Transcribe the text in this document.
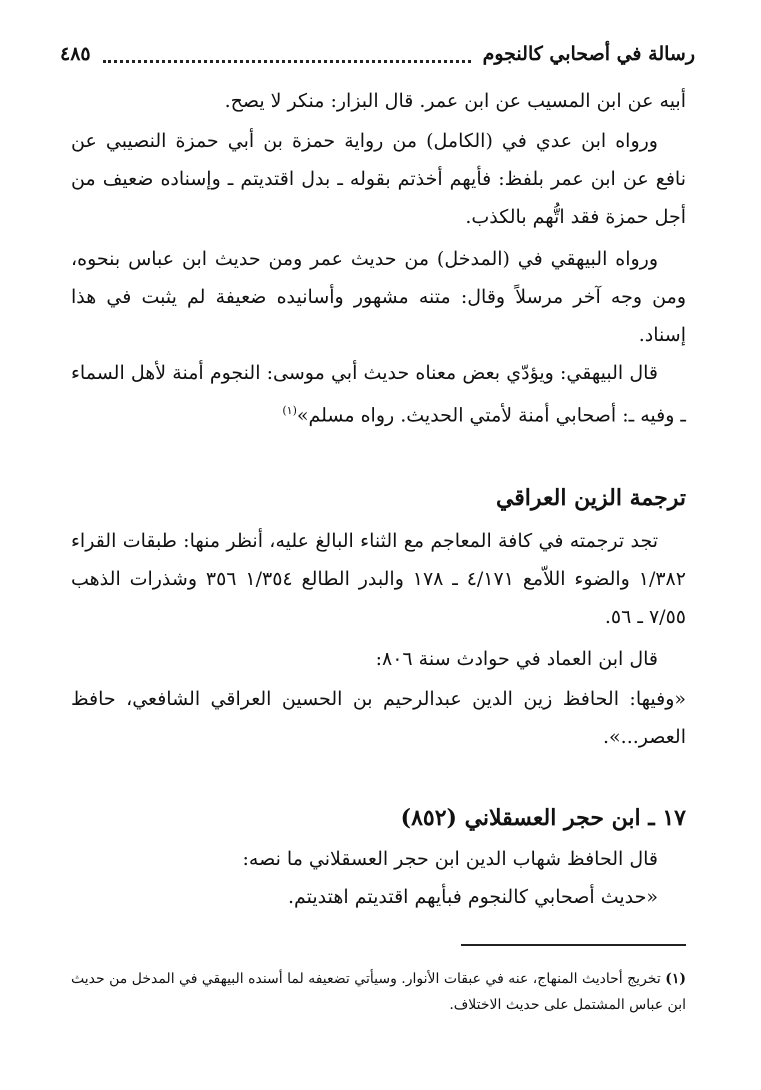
رسالة في أصحابي كالنجوم
٤٨٥

أبيه عن ابن المسيب عن ابن عمر. قال البزار: منكر لا يصح.

ورواه ابن عدي في (الكامل) من رواية حمزة بن أبي حمزة النصيبي عن نافع عن ابن عمر بلفظ: فأيهم أخذتم بقوله ـ بدل اقتديتم ـ وإسناده ضعيف من أجل حمزة فقد اتُّهم بالكذب.

ورواه البيهقي في (المدخل) من حديث عمر ومن حديث ابن عباس بنحوه، ومن وجه آخر مرسلاً وقال: متنه مشهور وأسانيده ضعيفة لم يثبت في هذا إسناد.

قال البيهقي: ويؤدّي بعض معناه حديث أبي موسى: النجوم أمنة لأهل السماء ـ وفيه ـ: أصحابي أمنة لأمتي الحديث. رواه مسلم»$^{(١)}$

ترجمة الزين العراقي

تجد ترجمته في كافة المعاجم مع الثناء البالغ عليه، أنظر منها: طبقات القراء ١/٣٨٢ والضوء اللاّمع ٤/١٧١ ـ ١٧٨ والبدر الطالع ١/٣٥٤ ٣٥٦ وشذرات الذهب ٧/٥٥ ـ ٥٦.

قال ابن العماد في حوادث سنة ٨٠٦:

«وفيها: الحافظ زين الدين عبدالرحيم بن الحسين العراقي الشافعي، حافظ العصر...».

١٧ ـ ابن حجر العسقلاني (٨٥٢)

قال الحافظ شهاب الدين ابن حجر العسقلاني ما نصه:

«حديث أصحابي كالنجوم فبأيهم اقتديتم اهتديتم.

(١) تخريج أحاديث المنهاج، عنه في عبقات الأنوار. وسيأتي تضعيفه لما أسنده البيهقي في المدخل من حديث ابن عباس المشتمل على حديث الاختلاف.
